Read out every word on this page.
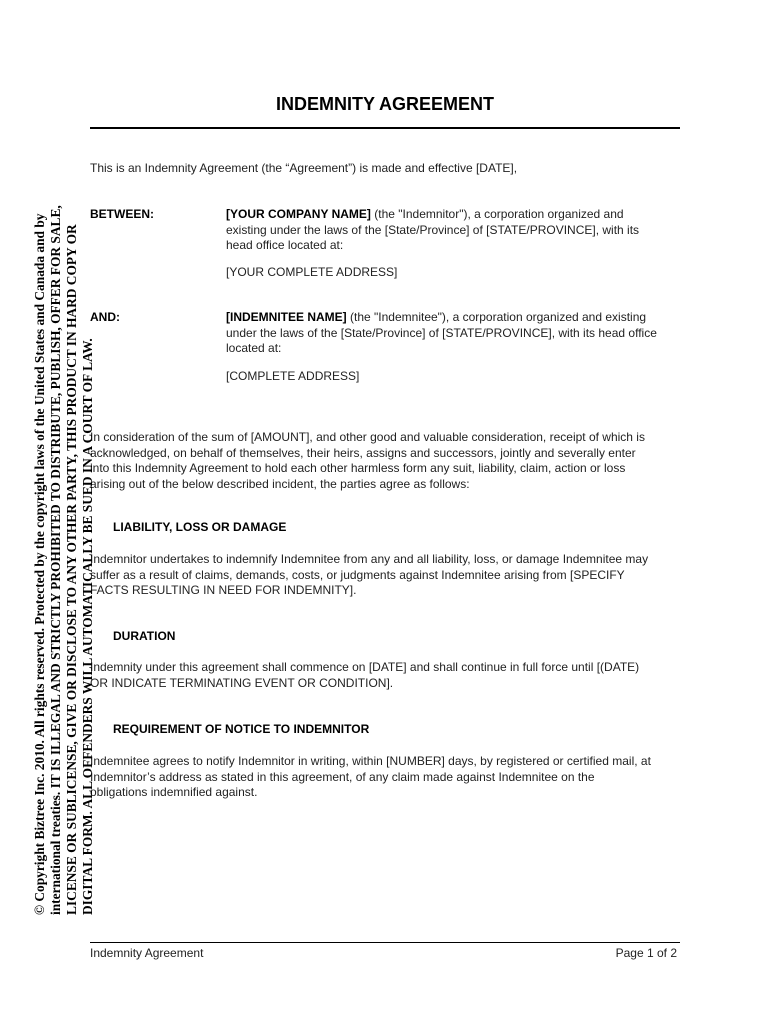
INDEMNITY AGREEMENT
This is an Indemnity Agreement (the “Agreement”) is made and effective [DATE],
BETWEEN:	[YOUR COMPANY NAME] (the "Indemnitor"), a corporation organized and
existing under the laws of the [State/Province] of [STATE/PROVINCE], with its
head office located at:
[YOUR COMPLETE ADDRESS]
AND:	[INDEMNITEE NAME] (the "Indemnitee"), a corporation organized and existing
under the laws of the [State/Province] of [STATE/PROVINCE], with its head office
located at:
[COMPLETE ADDRESS]
In consideration of the sum of [AMOUNT], and other good and valuable consideration, receipt of which is
acknowledged, on behalf of themselves, their heirs, assigns and successors, jointly and severally enter
into this Indemnity Agreement to hold each other harmless form any suit, liability, claim, action or loss
arising out of the below described incident, the parties agree as follows:
LIABILITY, LOSS OR DAMAGE
Indemnitor undertakes to indemnify Indemnitee from any and all liability, loss, or damage Indemnitee may
suffer as a result of claims, demands, costs, or judgments against Indemnitee arising from [SPECIFY
FACTS RESULTING IN NEED FOR INDEMNITY].
DURATION
Indemnity under this agreement shall commence on [DATE] and shall continue in full force until [(DATE)
OR INDICATE TERMINATING EVENT OR CONDITION].
REQUIREMENT OF NOTICE TO INDEMNITOR
Indemnitee agrees to notify Indemnitor in writing, within [NUMBER] days, by registered or certified mail, at
Indemnitor’s address as stated in this agreement, of any claim made against Indemnitee on the
obligations indemnified against.
Indemnity Agreement	Page 1 of 2
© Copyright Biztree Inc. 2010. All rights reserved. Protected by the copyright laws of the United States and Canada and by international treaties. IT IS ILLEGAL AND STRICTLY PROHIBITED TO DISTRIBUTE, PUBLISH, OFFER FOR SALE, LICENSE OR SUBLICENSE, GIVE OR DISCLOSE TO ANY OTHER PARTY, THIS PRODUCT IN HARD COPY OR DIGITAL FORM. ALL OFFENDERS WILL AUTOMATICALLY BE SUED IN A COURT OF LAW.
